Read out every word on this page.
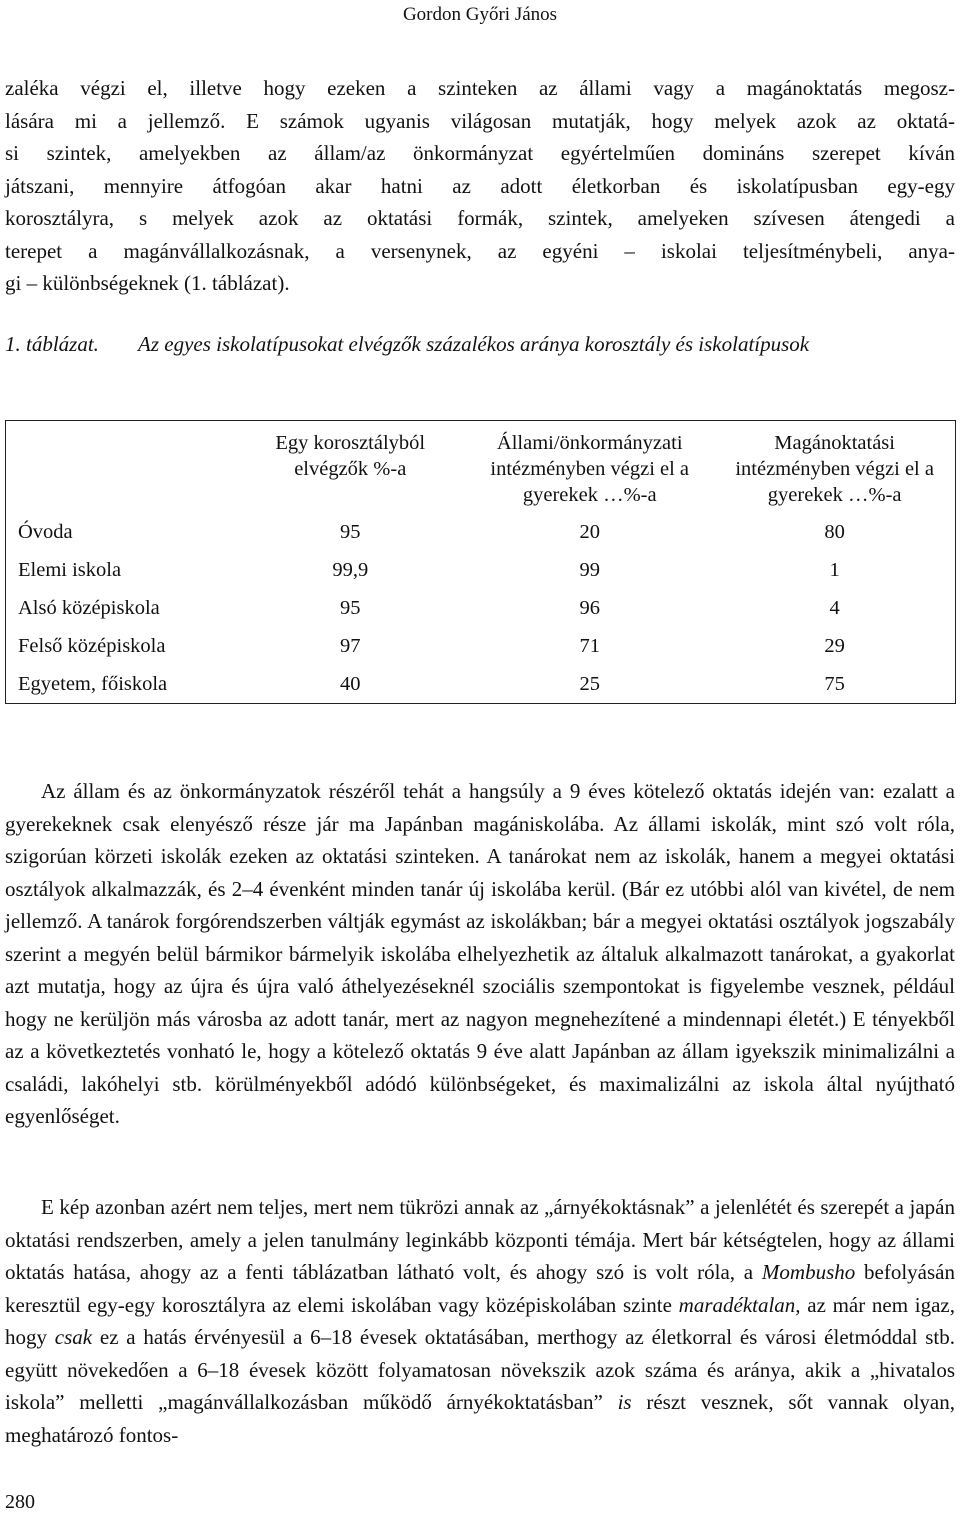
Gordon Győri János
zaléka végzi el, illetve hogy ezeken a szinteken az állami vagy a magánoktatás megosz-
lására mi a jellemző. E számok ugyanis világosan mutatják, hogy melyek azok az oktatá-
si szintek, amelyekben az állam/az önkormányzat egyértelműen domináns szerepet kíván
játszani, mennyire átfogóan akar hatni az adott életkorban és iskolatípusban egy-egy
korosztályra, s melyek azok az oktatási formák, szintek, amelyeken szívesen átengedi a
terepet a magánvállalkozásnak, a versenynek, az egyéni – iskolai teljesítménybeli, anya-
gi – különbségeknek (1. táblázat).
1. táblázat.	Az egyes iskolatípusokat elvégzők százalékos aránya korosztály és iskolatípusok
	Egy korosztályból elvégzők %-a	Állami/önkormányzati intézményben végzi el a gyerekek …%-a	Magánoktatási intézményben végzi el a gyerekek …%-a
Óvoda	95	20	80
Elemi iskola	99,9	99	1
Alsó középiskola	95	96	4
Felső középiskola	97	71	29
Egyetem, főiskola	40	25	75

Az állam és az önkormányzatok részéről tehát a hangsúly a 9 éves kötelező oktatás idején van: ezalatt a gyerekeknek csak elenyésző része jár ma Japánban magániskolába. Az állami iskolák, mint szó volt róla, szigorúan körzeti iskolák ezeken az oktatási szinteken. A tanárokat nem az iskolák, hanem a megyei oktatási osztályok alkalmazzák, és 2–4 évenként minden tanár új iskolába kerül. (Bár ez utóbbi alól van kivétel, de nem jellemző. A tanárok forgórendszerben váltják egymást az iskolákban; bár a megyei oktatási osztályok jogszabály szerint a megyén belül bármikor bármelyik iskolába elhelyezhetik az általuk alkalmazott tanárokat, a gyakorlat azt mutatja, hogy az újra és újra való áthelyezéseknél szociális szempontokat is figyelembe vesznek, például hogy ne kerüljön más városba az adott tanár, mert az nagyon megnehezítené a mindennapi életét.) E tényekből az a következtetés vonható le, hogy a kötelező oktatás 9 éve alatt Japánban az állam igyekszik minimalizálni a családi, lakóhelyi stb. körülményekből adódó különbségeket, és maximalizálni az iskola által nyújtható egyenlőséget.

E kép azonban azért nem teljes, mert nem tükrözi annak az „árnyékoktásnak” a jelenlétét és szerepét a japán oktatási rendszerben, amely a jelen tanulmány leginkább központi témája. Mert bár kétségtelen, hogy az állami oktatás hatása, ahogy az a fenti táblázatban látható volt, és ahogy szó is volt róla, a Mombusho befolyásán keresztül egy-egy korosztályra az elemi iskolában vagy középiskolában szinte maradéktalan, az már nem igaz, hogy csak ez a hatás érvényesül a 6–18 évesek oktatásában, merthogy az életkorral és városi életmóddal stb. együtt növekedően a 6–18 évesek között folyamatosan növekszik azok száma és aránya, akik a „hivatalos iskola” melletti „magánvállalkozásban működő árnyékoktatásban” is részt vesznek, sőt vannak olyan, meghatározó fontos-

280
